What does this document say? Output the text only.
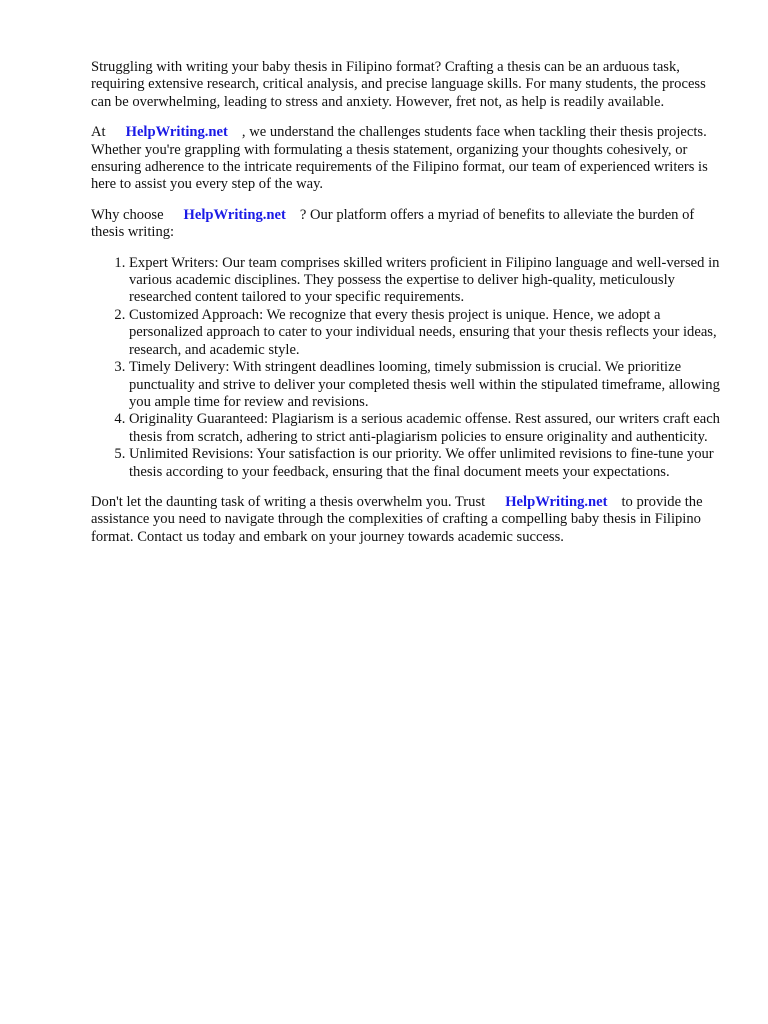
Struggling with writing your baby thesis in Filipino format? Crafting a thesis can be an arduous task, requiring extensive research, critical analysis, and precise language skills. For many students, the process can be overwhelming, leading to stress and anxiety. However, fret not, as help is readily available.

At HelpWriting.net , we understand the challenges students face when tackling their thesis projects. Whether you're grappling with formulating a thesis statement, organizing your thoughts cohesively, or ensuring adherence to the intricate requirements of the Filipino format, our team of experienced writers is here to assist you every step of the way.

Why choose HelpWriting.net ? Our platform offers a myriad of benefits to alleviate the burden of thesis writing:

1. Expert Writers: Our team comprises skilled writers proficient in Filipino language and well-versed in various academic disciplines. They possess the expertise to deliver high-quality, meticulously researched content tailored to your specific requirements.
2. Customized Approach: We recognize that every thesis project is unique. Hence, we adopt a personalized approach to cater to your individual needs, ensuring that your thesis reflects your ideas, research, and academic style.
3. Timely Delivery: With stringent deadlines looming, timely submission is crucial. We prioritize punctuality and strive to deliver your completed thesis well within the stipulated timeframe, allowing you ample time for review and revisions.
4. Originality Guaranteed: Plagiarism is a serious academic offense. Rest assured, our writers craft each thesis from scratch, adhering to strict anti-plagiarism policies to ensure originality and authenticity.
5. Unlimited Revisions: Your satisfaction is our priority. We offer unlimited revisions to fine-tune your thesis according to your feedback, ensuring that the final document meets your expectations.

Don't let the daunting task of writing a thesis overwhelm you. Trust HelpWriting.net to provide the assistance you need to navigate through the complexities of crafting a compelling baby thesis in Filipino format. Contact us today and embark on your journey towards academic success.
